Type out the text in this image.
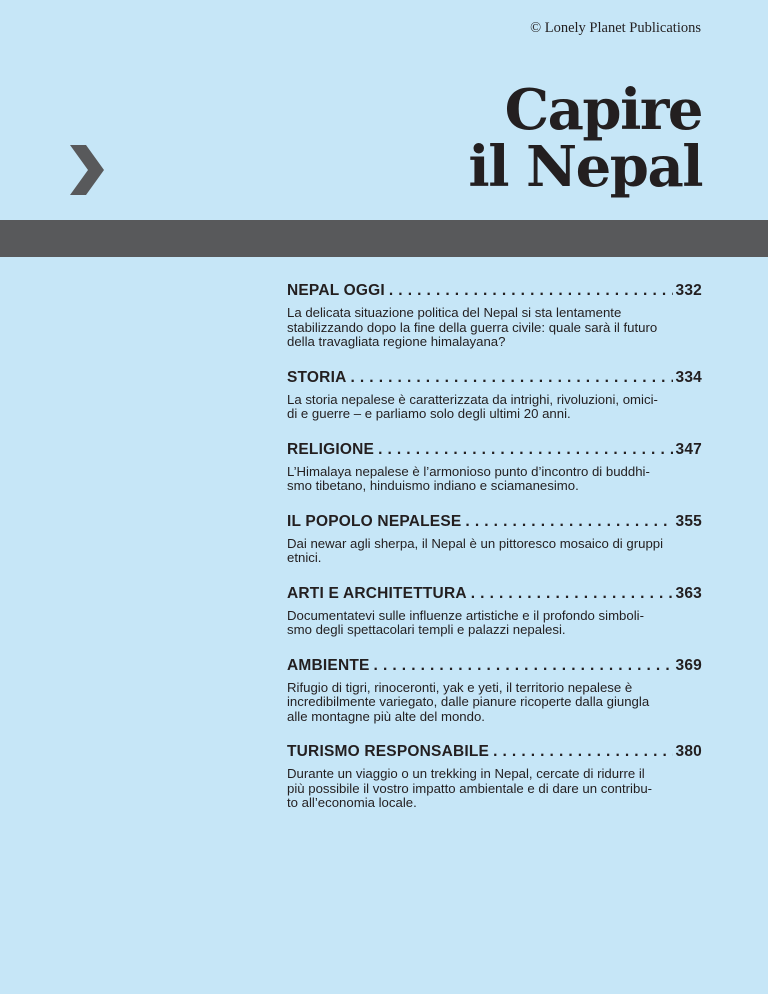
© Lonely Planet Publications
Capire
il Nepal
NEPAL OGGI . . .	332
La delicata situazione politica del Nepal si sta lentamente
stabilizzando dopo la fine della guerra civile: quale sarà il futuro
della travagliata regione himalayana?
STORIA . . .	334
La storia nepalese è caratterizzata da intrighi, rivoluzioni, omici-
di e guerre – e parliamo solo degli ultimi 20 anni.
RELIGIONE . . .	347
L’Himalaya nepalese è l’armonioso punto d’incontro di buddhi-
smo tibetano, hinduismo indiano e sciamanesimo.
IL POPOLO NEPALESE . . .	355
Dai newar agli sherpa, il Nepal è un pittoresco mosaico di gruppi
etnici.
ARTI E ARCHITETTURA . . .	363
Documentatevi sulle influenze artistiche e il profondo simboli-
smo degli spettacolari templi e palazzi nepalesi.
AMBIENTE . . .	369
Rifugio di tigri, rinoceronti, yak e yeti, il territorio nepalese è
incredibilmente variegato, dalle pianure ricoperte dalla giungla
alle montagne più alte del mondo.
TURISMO RESPONSABILE . . .	380
Durante un viaggio o un trekking in Nepal, cercate di ridurre il
più possibile il vostro impatto ambientale e di dare un contribu-
to all’economia locale.
